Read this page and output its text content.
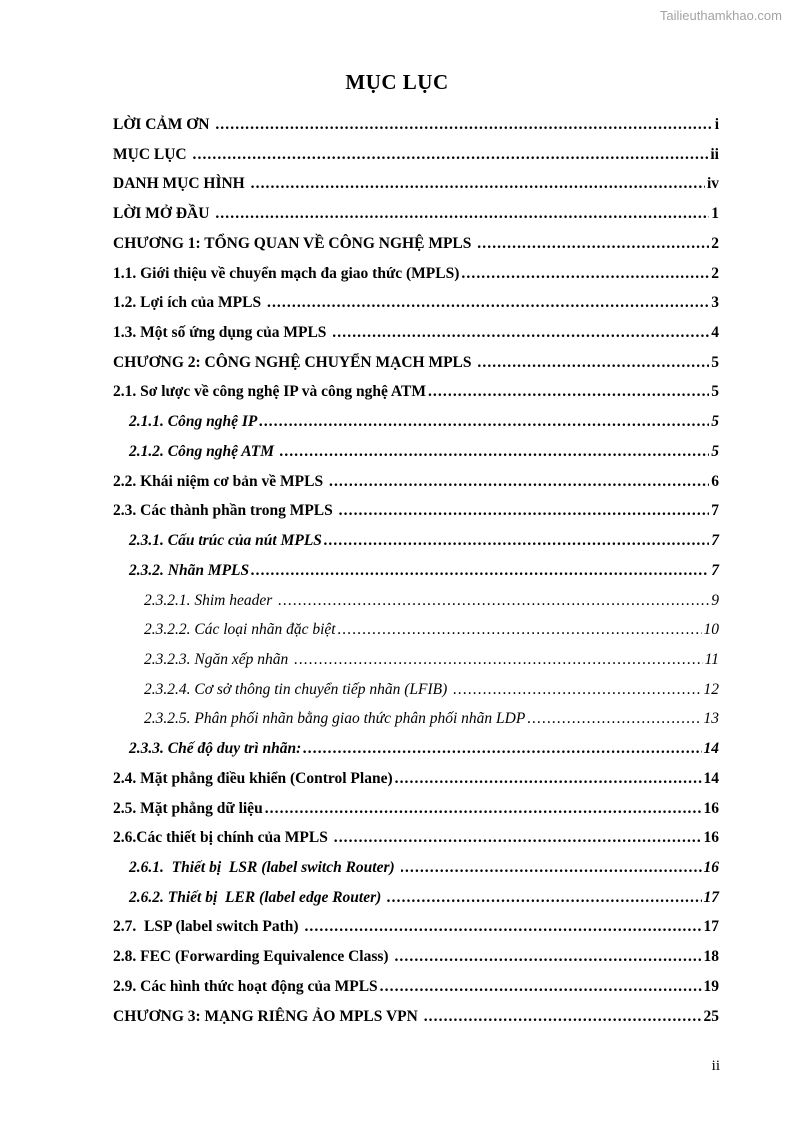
Tailieuthamkhao.com
MỤC LỤC
LỜI CẢM ƠN .....	i
MỤC LỤC .....	ii
DANH MỤC HÌNH .....	iv
LỜI MỞ ĐẦU .....	1
CHƯƠNG 1: TỔNG QUAN VỀ CÔNG NGHỆ MPLS .....	2
1.1. Giới thiệu về chuyển mạch đa giao thức (MPLS) .....	2
1.2. Lợi ích của MPLS .....	3
1.3. Một số ứng dụng của MPLS .....	4
CHƯƠNG 2: CÔNG NGHỆ CHUYỂN MẠCH MPLS .....	5
2.1. Sơ lược về công nghệ IP và công nghệ ATM .....	5
2.1.1. Công nghệ IP .....	5
2.1.2. Công nghệ ATM .....	5
2.2. Khái niệm cơ bản về MPLS .....	6
2.3. Các thành phần trong MPLS .....	7
2.3.1. Cấu trúc của nút MPLS .....	7
2.3.2. Nhãn MPLS .....	7
2.3.2.1. Shim header .....	9
2.3.2.2. Các loại nhãn đặc biệt .....	10
2.3.2.3. Ngăn xếp nhãn .....	11
2.3.2.4. Cơ sở thông tin chuyển tiếp nhãn (LFIB) .....	12
2.3.2.5. Phân phối nhãn bằng giao thức phân phối nhãn LDP .....	13
2.3.3. Chế độ duy trì nhãn: .....	14
2.4. Mặt phẳng điều khiển (Control Plane) .....	14
2.5. Mặt phẳng dữ liệu .....	16
2.6.Các thiết bị chính của MPLS .....	16
2.6.1.  Thiết bị  LSR (label switch Router) .....	16
2.6.2. Thiết bị  LER (label edge Router) .....	17
2.7.  LSP (label switch Path) .....	17
2.8. FEC (Forwarding Equivalence Class) .....	18
2.9. Các hình thức hoạt động của MPLS .....	19
CHƯƠNG 3: MẠNG RIÊNG ẢO MPLS VPN .....	25
ii
